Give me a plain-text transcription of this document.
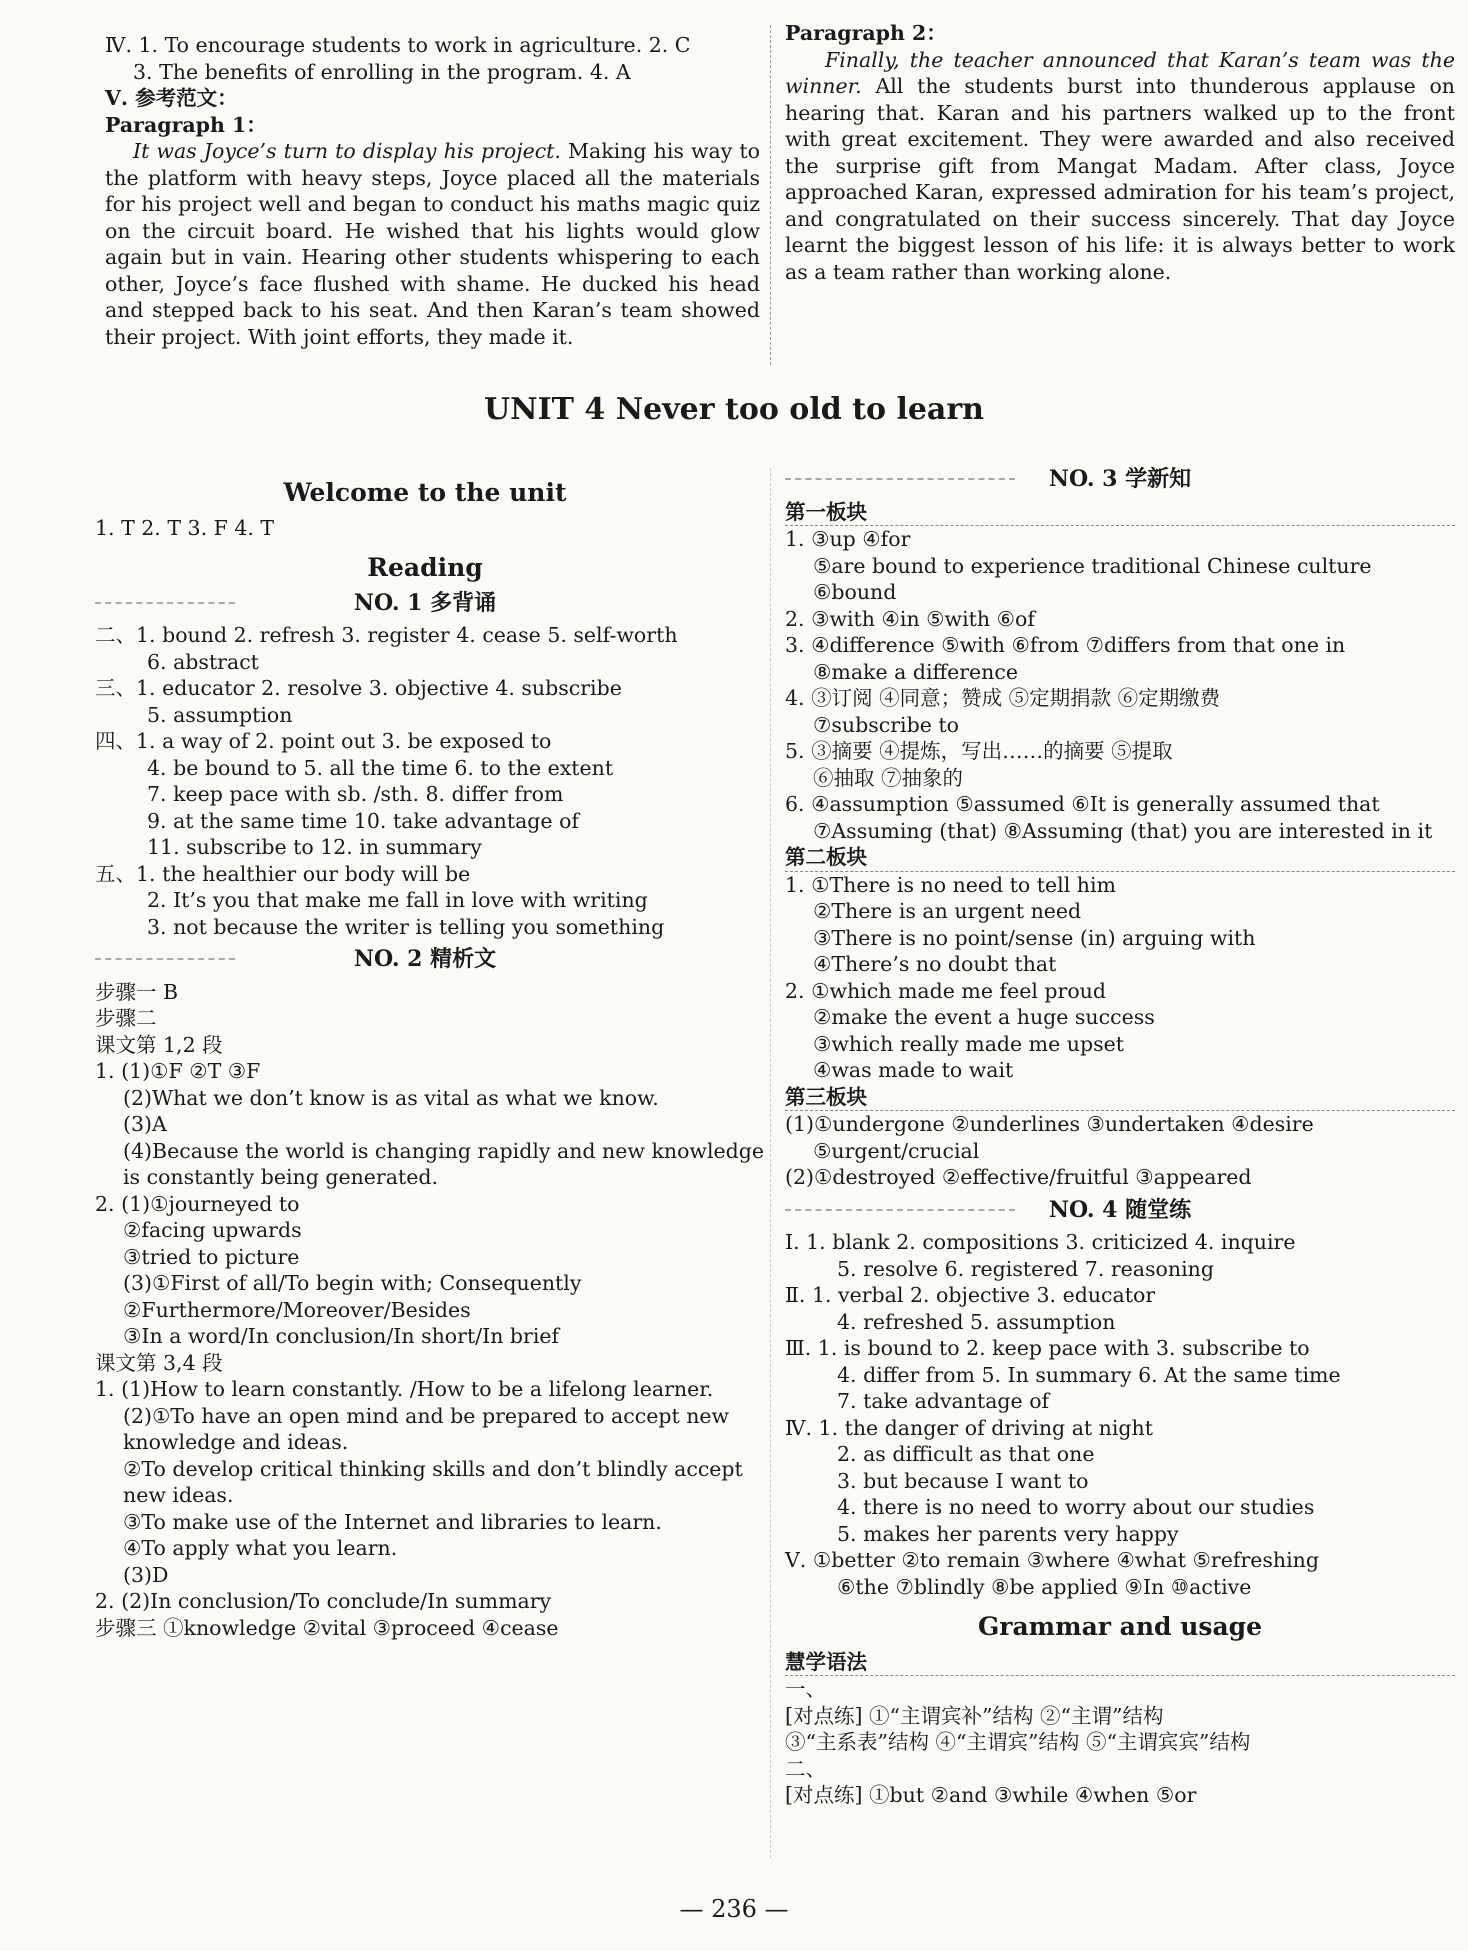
Ⅳ. 1. To encourage students to work in agriculture. 2. C
3. The benefits of enrolling in the program. 4. A
Ⅴ. 参考范文：
Paragraph 1：
It was Joyce’s turn to display his project. Making his way to the platform with heavy steps, Joyce placed all the materials for his project well and began to conduct his maths magic quiz on the circuit board. He wished that his lights would glow again but in vain. Hearing other students whispering to each other, Joyce’s face flushed with shame. He ducked his head and stepped back to his seat. And then Karan’s team showed their project. With joint efforts, they made it.
Paragraph 2：
Finally, the teacher announced that Karan’s team was the winner. All the students burst into thunderous applause on hearing that. Karan and his partners walked up to the front with great excitement. They were awarded and also received the surprise gift from Mangat Madam. After class, Joyce approached Karan, expressed admiration for his team’s project, and congratulated on their success sincerely. That day Joyce learnt the biggest lesson of his life: it is always better to work as a team rather than working alone.
UNIT 4 Never too old to learn
Welcome to the unit
1. T 2. T 3. F 4. T
Reading
NO. 1 多背诵
二、1. bound 2. refresh 3. register 4. cease 5. self-worth
6. abstract
三、1. educator 2. resolve 3. objective 4. subscribe
5. assumption
四、1. a way of 2. point out 3. be exposed to
4. be bound to 5. all the time 6. to the extent
7. keep pace with sb. /sth. 8. differ from
9. at the same time 10. take advantage of
11. subscribe to 12. in summary
五、1. the healthier our body will be
2. It’s you that make me fall in love with writing
3. not because the writer is telling you something
NO. 2 精析文
步骤一 B
步骤二
课文第 1,2 段
1. (1)①F ②T ③F
(2)What we don’t know is as vital as what we know.
(3)A
(4)Because the world is changing rapidly and new knowledge
is constantly being generated.
2. (1)①journeyed to
②facing upwards
③tried to picture
(3)①First of all/To begin with; Consequently
②Furthermore/Moreover/Besides
③In a word/In conclusion/In short/In brief
课文第 3,4 段
1. (1)How to learn constantly. /How to be a lifelong learner.
(2)①To have an open mind and be prepared to accept new
knowledge and ideas.
②To develop critical thinking skills and don’t blindly accept
new ideas.
③To make use of the Internet and libraries to learn.
④To apply what you learn.
(3)D
2. (2)In conclusion/To conclude/In summary
步骤三 ①knowledge ②vital ③proceed ④cease
NO. 3 学新知
第一板块
1. ③up ④for
⑤are bound to experience traditional Chinese culture
⑥bound
2. ③with ④in ⑤with ⑥of
3. ④difference ⑤with ⑥from ⑦differs from that one in
⑧make a difference
4. ③订阅 ④同意；赞成 ⑤定期捐款 ⑥定期缴费
⑦subscribe to
5. ③摘要 ④提炼，写出……的摘要 ⑤提取
⑥抽取 ⑦抽象的
6. ④assumption ⑤assumed ⑥It is generally assumed that
⑦Assuming (that) ⑧Assuming (that) you are interested in it
第二板块
1. ①There is no need to tell him
②There is an urgent need
③There is no point/sense (in) arguing with
④There’s no doubt that
2. ①which made me feel proud
②make the event a huge success
③which really made me upset
④was made to wait
第三板块
(1)①undergone ②underlines ③undertaken ④desire
⑤urgent/crucial
(2)①destroyed ②effective/fruitful ③appeared
NO. 4 随堂练
Ⅰ. 1. blank 2. compositions 3. criticized 4. inquire
5. resolve 6. registered 7. reasoning
Ⅱ. 1. verbal 2. objective 3. educator
4. refreshed 5. assumption
Ⅲ. 1. is bound to 2. keep pace with 3. subscribe to
4. differ from 5. In summary 6. At the same time
7. take advantage of
Ⅳ. 1. the danger of driving at night
2. as difficult as that one
3. but because I want to
4. there is no need to worry about our studies
5. makes her parents very happy
Ⅴ. ①better ②to remain ③where ④what ⑤refreshing
⑥the ⑦blindly ⑧be applied ⑨In ⑩active
Grammar and usage
慧学语法
一、
[对点练] ①“主谓宾补”结构 ②“主谓”结构
③“主系表”结构 ④“主谓宾”结构 ⑤“主谓宾宾”结构
二、
[对点练] ①but ②and ③while ④when ⑤or
— 236 —
